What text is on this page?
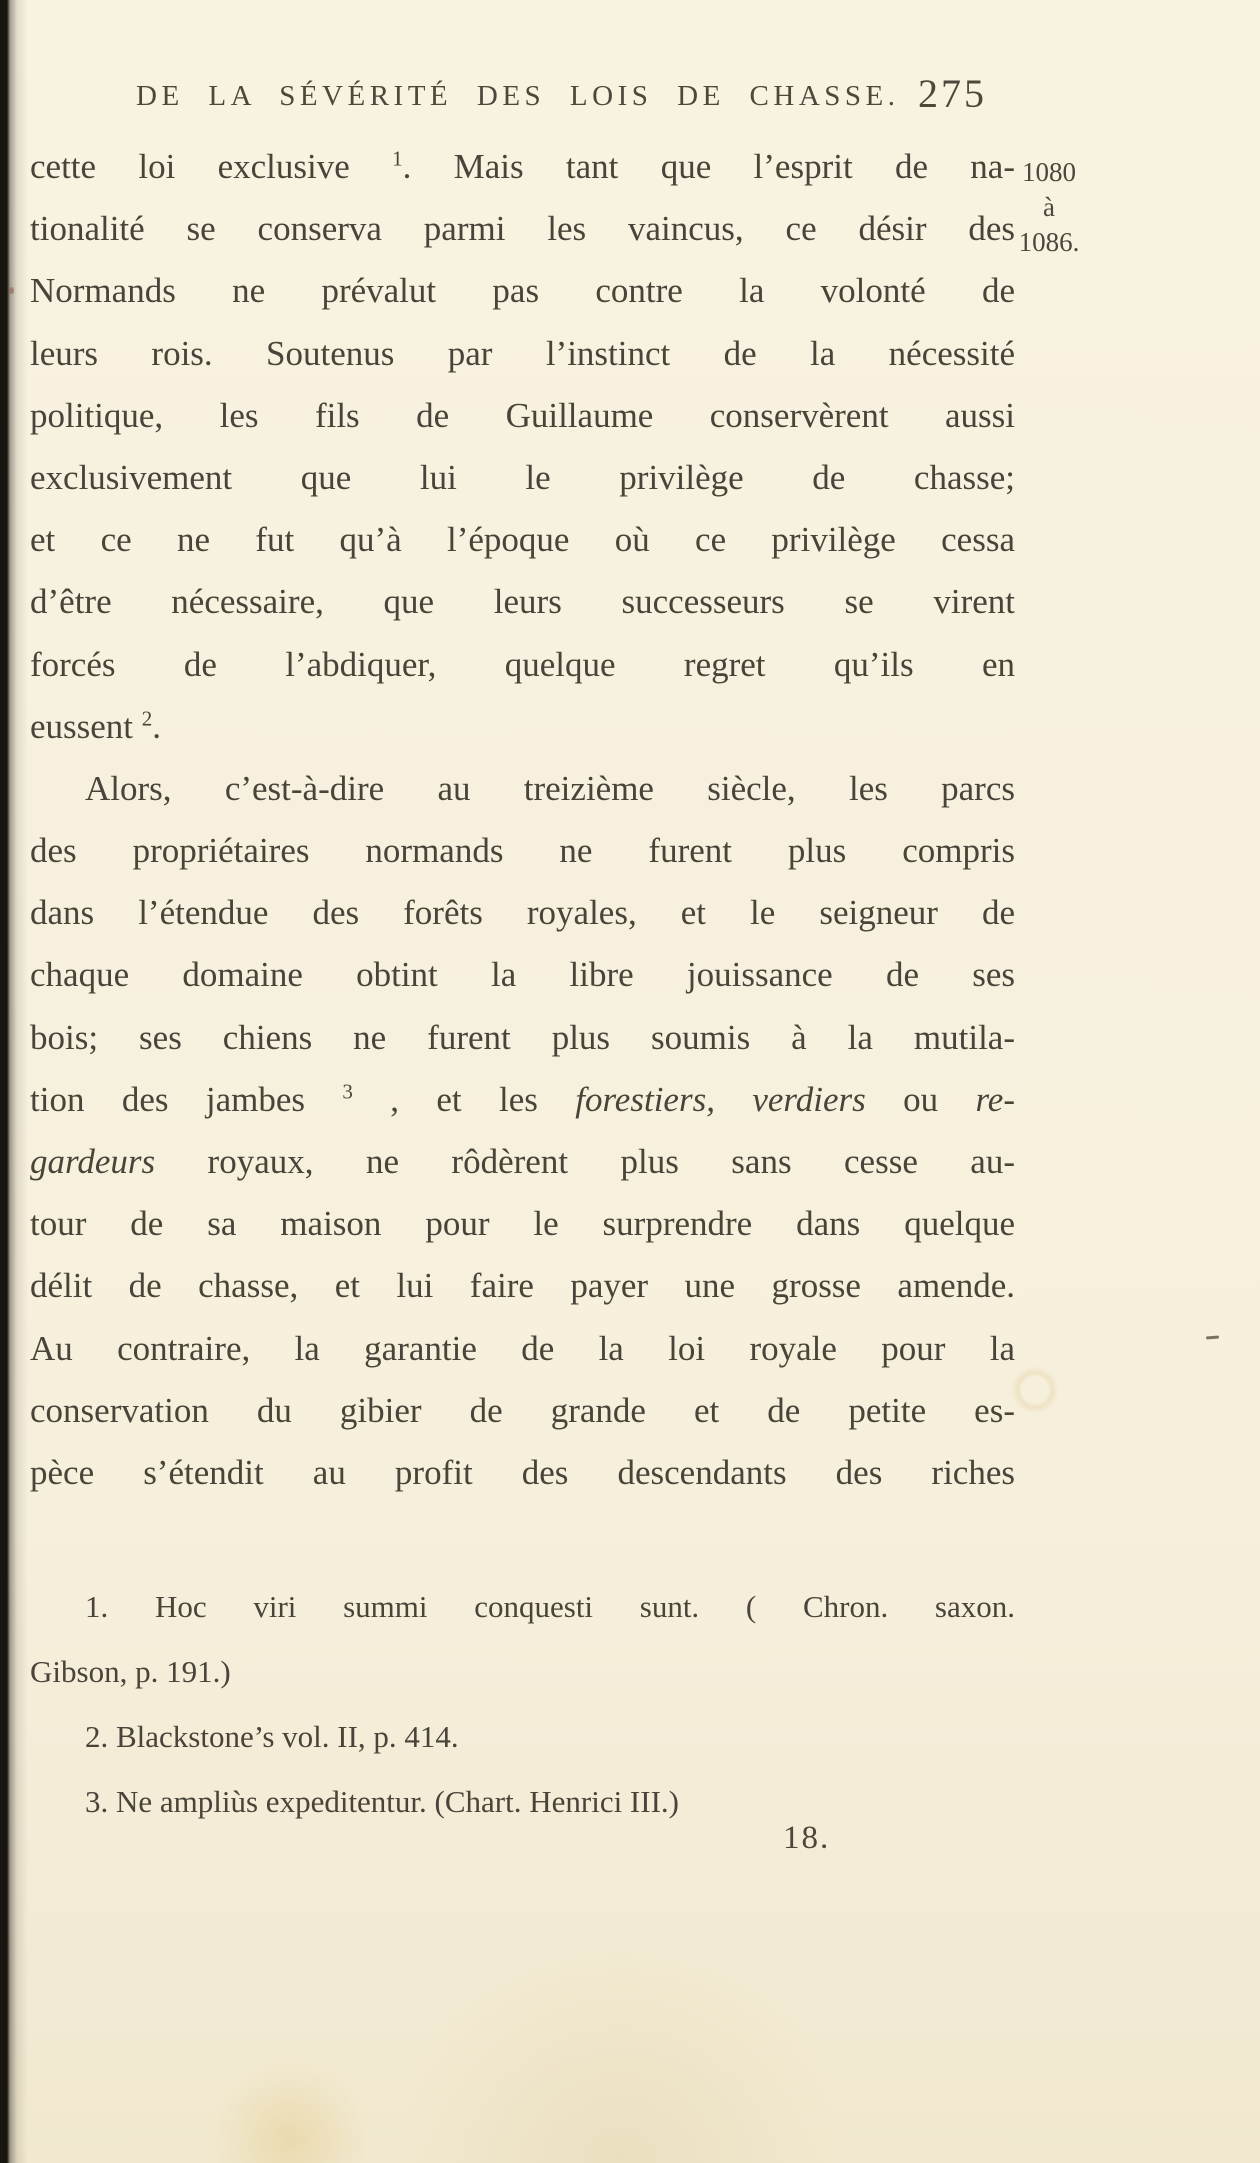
DE LA SÉVÉRITÉ DES LOIS DE CHASSE. 275
1080
à
1086.
cette loi exclusive $^1$. Mais tant que l’esprit de na-
tionalité se conserva parmi les vaincus, ce désir des
Normands ne prévalut pas contre la volonté de
leurs rois. Soutenus par l’instinct de la nécessité
politique, les fils de Guillaume conservèrent aussi
exclusivement que lui le privilège de chasse;
et ce ne fut qu’à l’époque où ce privilège cessa
d’être nécessaire, que leurs successeurs se virent
forcés de l’abdiquer, quelque regret qu’ils en
eussent $^2$.
Alors, c’est-à-dire au treizième siècle, les parcs
des propriétaires normands ne furent plus compris
dans l’étendue des forêts royales, et le seigneur de
chaque domaine obtint la libre jouissance de ses
bois; ses chiens ne furent plus soumis à la mutila-
tion des jambes $^3$ , et les forestiers, verdiers ou re-
gardeurs royaux, ne rôdèrent plus sans cesse au-
tour de sa maison pour le surprendre dans quelque
délit de chasse, et lui faire payer une grosse amende.
Au contraire, la garantie de la loi royale pour la
conservation du gibier de grande et de petite es-
pèce s’étendit au profit des descendants des riches
1. Hoc viri summi conquesti sunt. ( Chron. saxon.
Gibson, p. 191.)
2. Blackstone’s vol. II, p. 414.
3. Ne ampliùs expeditentur. (Chart. Henrici III.)
18.
